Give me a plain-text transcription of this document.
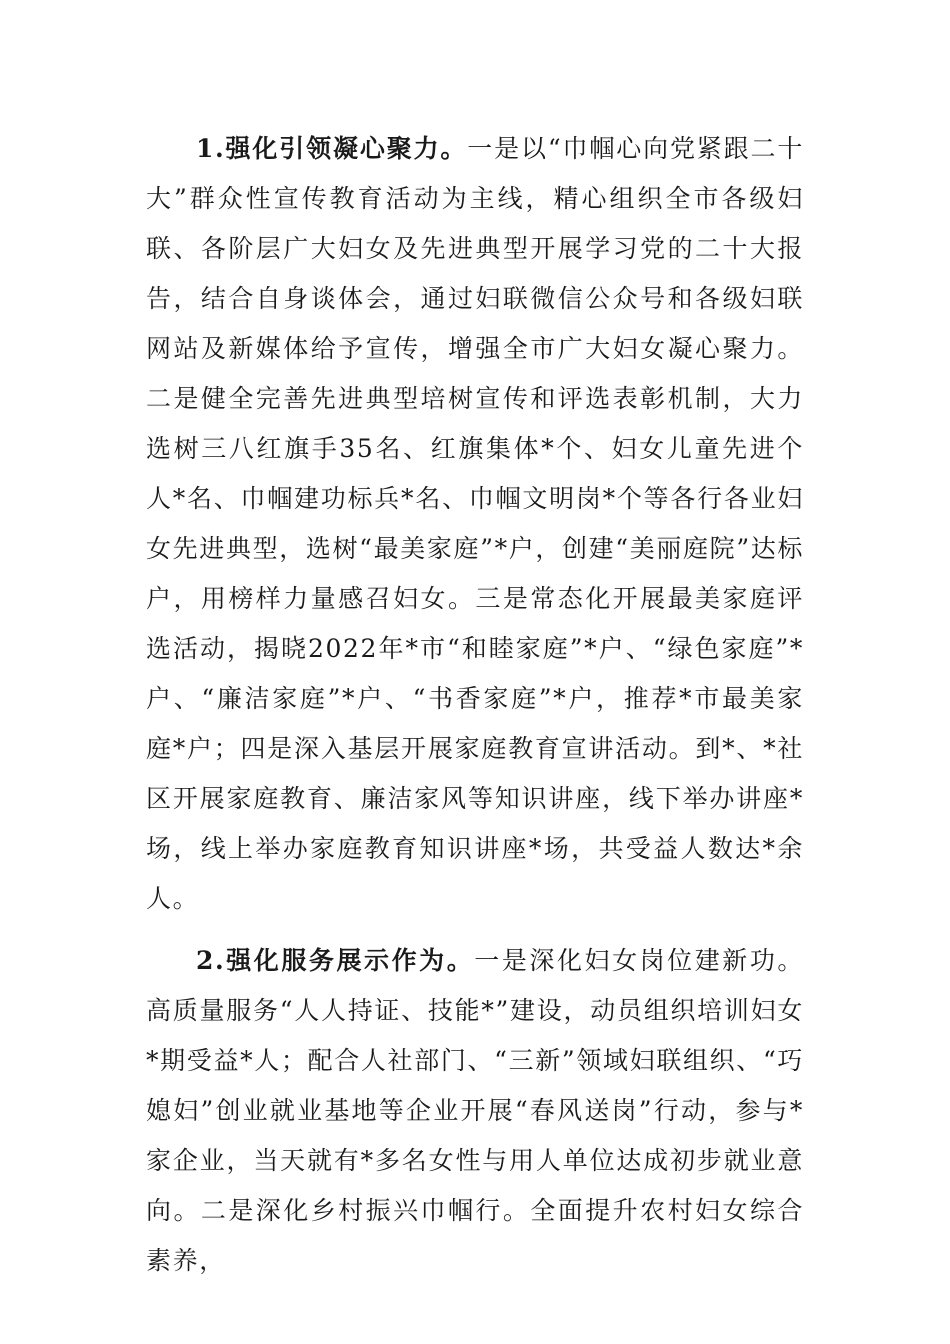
1.强化引领凝心聚力。一是以“巾帼心向党紧跟二十大”群众性宣传教育活动为主线，精心组织全市各级妇联、各阶层广大妇女及先进典型开展学习党的二十大报告，结合自身谈体会，通过妇联微信公众号和各级妇联网站及新媒体给予宣传，增强全市广大妇女凝心聚力。二是健全完善先进典型培树宣传和评选表彰机制，大力选树三八红旗手35名、红旗集体*个、妇女儿童先进个人*名、巾帼建功标兵*名、巾帼文明岗*个等各行各业妇女先进典型，选树“最美家庭”*户，创建“美丽庭院”达标户，用榜样力量感召妇女。三是常态化开展最美家庭评选活动，揭晓2022年*市“和睦家庭”*户、“绿色家庭”*户、“廉洁家庭”*户、“书香家庭”*户，推荐*市最美家庭*户；四是深入基层开展家庭教育宣讲活动。到*、*社区开展家庭教育、廉洁家风等知识讲座，线下举办讲座*场，线上举办家庭教育知识讲座*场，共受益人数达*余人。

2.强化服务展示作为。一是深化妇女岗位建新功。高质量服务“人人持证、技能*”建设，动员组织培训妇女*期受益*人；配合人社部门、“三新”领域妇联组织、“巧媳妇”创业就业基地等企业开展“春风送岗”行动，参与*家企业，当天就有*多名女性与用人单位达成初步就业意向。二是深化乡村振兴巾帼行。全面提升农村妇女综合素养，
